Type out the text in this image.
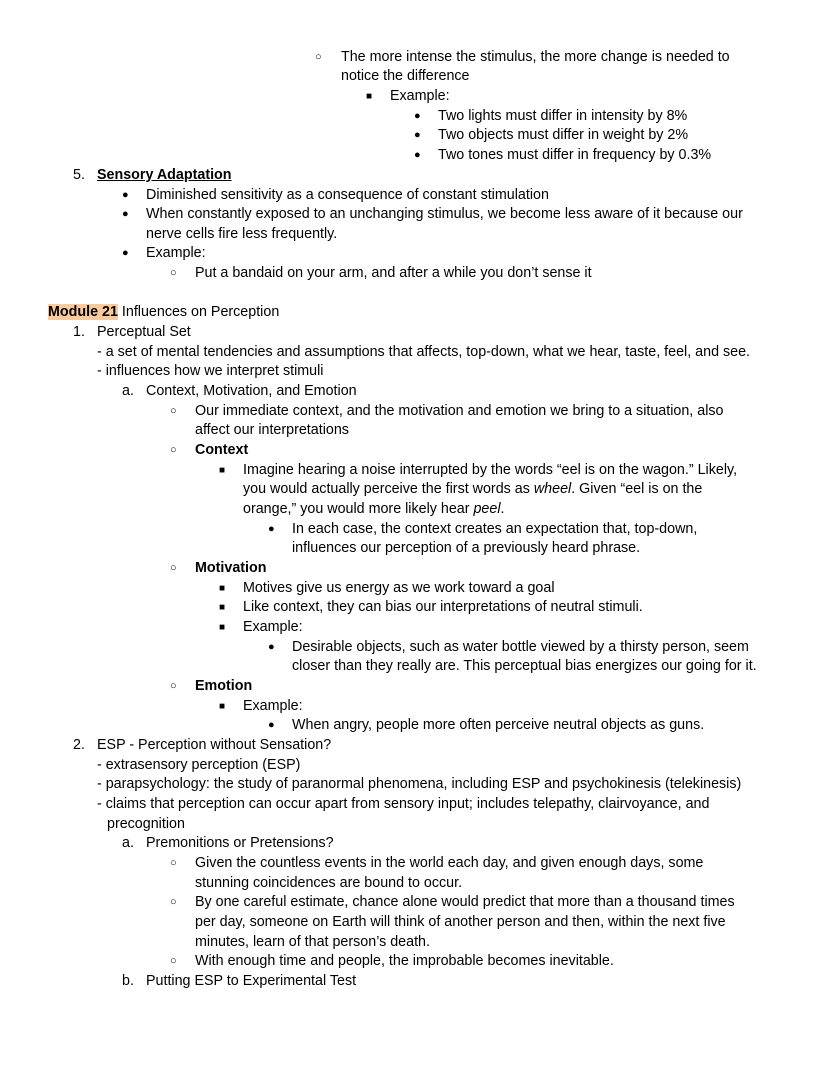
○ The more intense the stimulus, the more change is needed to
notice the difference
■ Example:
● Two lights must differ in intensity by 8%
● Two objects must differ in weight by 2%
● Two tones must differ in frequency by 0.3%
5. Sensory Adaptation
● Diminished sensitivity as a consequence of constant stimulation
● When constantly exposed to an unchanging stimulus, we become less aware of it because our
nerve cells fire less frequently.
● Example:
○ Put a bandaid on your arm, and after a while you don’t sense it
Module 21 Influences on Perception
1. Perceptual Set
- a set of mental tendencies and assumptions that affects, top-down, what we hear, taste, feel, and see.
- influences how we interpret stimuli
a. Context, Motivation, and Emotion
○ Our immediate context, and the motivation and emotion we bring to a situation, also
affect our interpretations
○ Context
■ Imagine hearing a noise interrupted by the words “eel is on the wagon.” Likely,
you would actually perceive the first words as wheel. Given “eel is on the
orange,” you would more likely hear peel.
● In each case, the context creates an expectation that, top-down,
influences our perception of a previously heard phrase.
○ Motivation
■ Motives give us energy as we work toward a goal
■ Like context, they can bias our interpretations of neutral stimuli.
■ Example:
● Desirable objects, such as water bottle viewed by a thirsty person, seem
closer than they really are. This perceptual bias energizes our going for it.
○ Emotion
■ Example:
● When angry, people more often perceive neutral objects as guns.
2. ESP - Perception without Sensation?
- extrasensory perception (ESP)
- parapsychology: the study of paranormal phenomena, including ESP and psychokinesis (telekinesis)
- claims that perception can occur apart from sensory input; includes telepathy, clairvoyance, and
precognition
a. Premonitions or Pretensions?
○ Given the countless events in the world each day, and given enough days, some
stunning coincidences are bound to occur.
○ By one careful estimate, chance alone would predict that more than a thousand times
per day, someone on Earth will think of another person and then, within the next five
minutes, learn of that person’s death.
○ With enough time and people, the improbable becomes inevitable.
b. Putting ESP to Experimental Test
